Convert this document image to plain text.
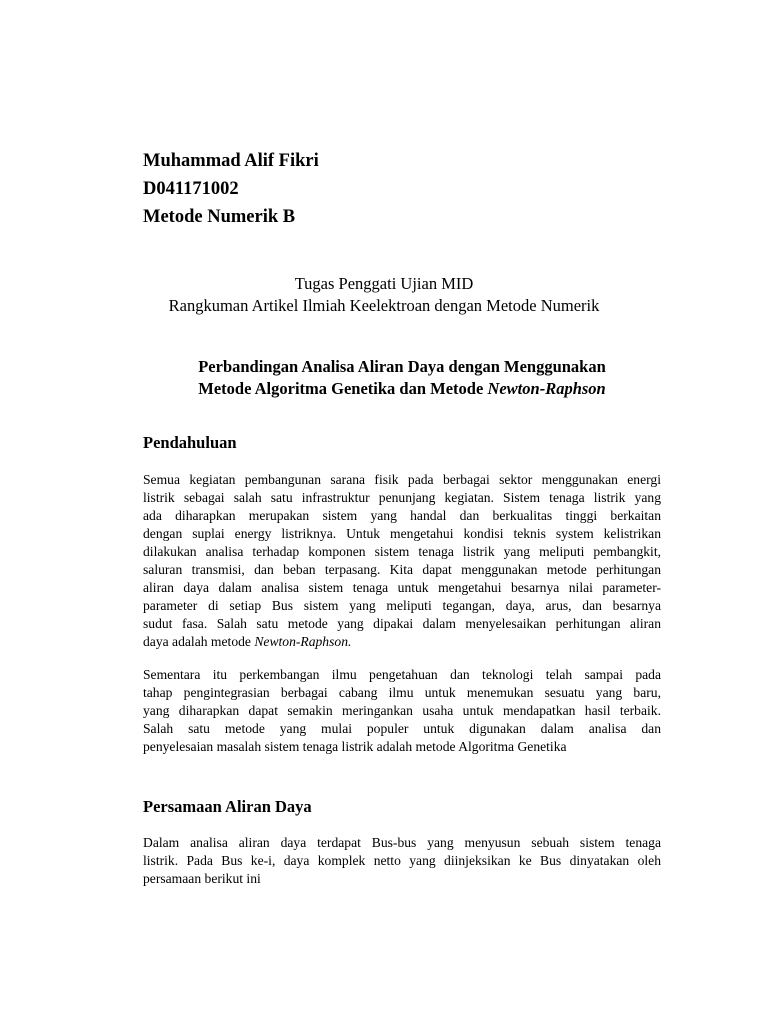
Muhammad Alif Fikri
D041171002
Metode Numerik B
Tugas Penggati Ujian MID
Rangkuman Artikel Ilmiah Keelektroan dengan Metode Numerik
Perbandingan Analisa Aliran Daya dengan Menggunakan
Metode Algoritma Genetika dan Metode Newton-Raphson
Pendahuluan
Semua kegiatan pembangunan sarana fisik pada berbagai sektor menggunakan energi
listrik sebagai salah satu infrastruktur penunjang kegiatan. Sistem tenaga listrik yang
ada diharapkan merupakan sistem yang handal dan berkualitas tinggi berkaitan
dengan suplai energy listriknya. Untuk mengetahui kondisi teknis system kelistrikan
dilakukan analisa terhadap komponen sistem tenaga listrik yang meliputi pembangkit,
saluran transmisi, dan beban terpasang. Kita dapat menggunakan metode perhitungan
aliran daya dalam analisa sistem tenaga untuk mengetahui besarnya nilai parameter-
parameter di setiap Bus sistem yang meliputi tegangan, daya, arus, dan besarnya
sudut fasa. Salah satu metode yang dipakai dalam menyelesaikan perhitungan aliran
daya adalah metode Newton-Raphson.
Sementara itu perkembangan ilmu pengetahuan dan teknologi telah sampai pada
tahap pengintegrasian berbagai cabang ilmu untuk menemukan sesuatu yang baru,
yang diharapkan dapat semakin meringankan usaha untuk mendapatkan hasil terbaik.
Salah satu metode yang mulai populer untuk digunakan dalam analisa dan
penyelesaian masalah sistem tenaga listrik adalah metode Algoritma Genetika
Persamaan Aliran Daya
Dalam analisa aliran daya terdapat Bus-bus yang menyusun sebuah sistem tenaga
listrik. Pada Bus ke-i, daya komplek netto yang diinjeksikan ke Bus dinyatakan oleh
persamaan berikut ini
